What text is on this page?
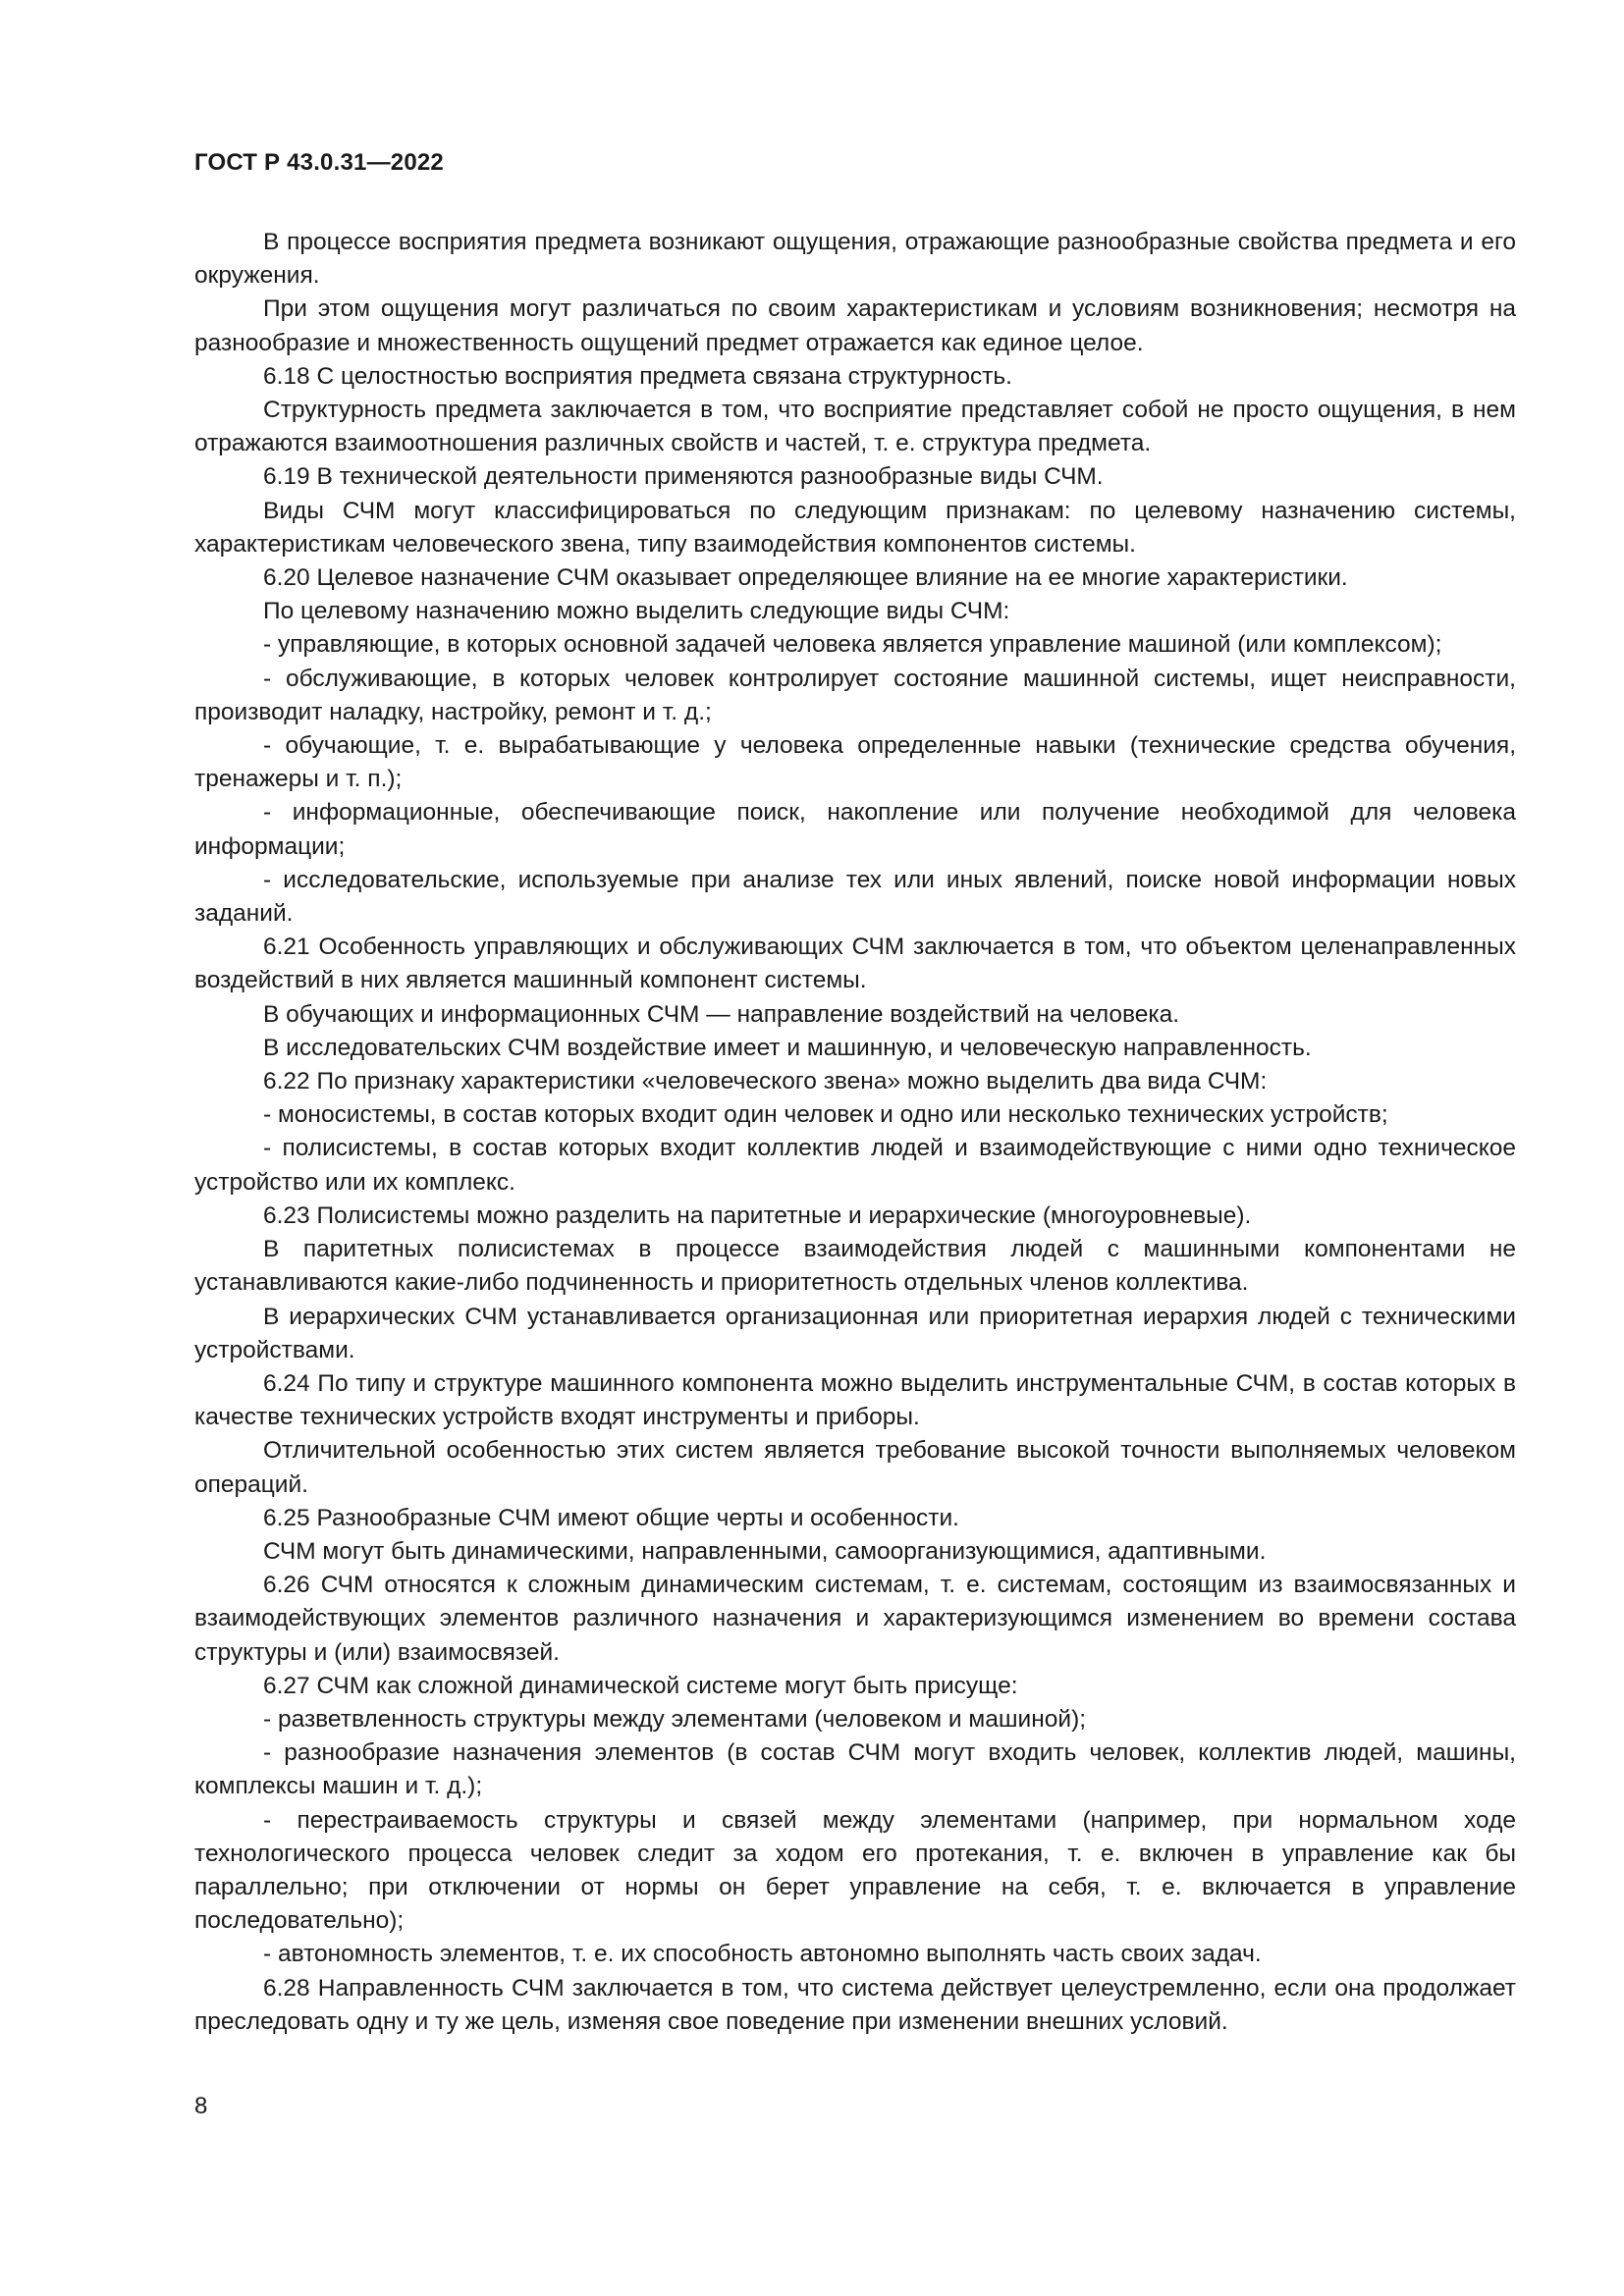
ГОСТ Р 43.0.31—2022

В процессе восприятия предмета возникают ощущения, отражающие разнообразные свойства предмета и его окружения.

При этом ощущения могут различаться по своим характеристикам и условиям возникновения; несмотря на разнообразие и множественность ощущений предмет отражается как единое целое.

6.18 С целостностью восприятия предмета связана структурность.

Структурность предмета заключается в том, что восприятие представляет собой не просто ощущения, в нем отражаются взаимоотношения различных свойств и частей, т. е. структура предмета.

6.19 В технической деятельности применяются разнообразные виды СЧМ.

Виды СЧМ могут классифицироваться по следующим признакам: по целевому назначению системы, характеристикам человеческого звена, типу взаимодействия компонентов системы.

6.20 Целевое назначение СЧМ оказывает определяющее влияние на ее многие характеристики.

По целевому назначению можно выделить следующие виды СЧМ:

- управляющие, в которых основной задачей человека является управление машиной (или комплексом);

- обслуживающие, в которых человек контролирует состояние машинной системы, ищет неисправности, производит наладку, настройку, ремонт и т. д.;

- обучающие, т. е. вырабатывающие у человека определенные навыки (технические средства обучения, тренажеры и т. п.);

- информационные, обеспечивающие поиск, накопление или получение необходимой для человека информации;

- исследовательские, используемые при анализе тех или иных явлений, поиске новой информации новых заданий.

6.21 Особенность управляющих и обслуживающих СЧМ заключается в том, что объектом целенаправленных воздействий в них является машинный компонент системы.

В обучающих и информационных СЧМ — направление воздействий на человека.

В исследовательских СЧМ воздействие имеет и машинную, и человеческую направленность.

6.22 По признаку характеристики «человеческого звена» можно выделить два вида СЧМ:

- моносистемы, в состав которых входит один человек и одно или несколько технических устройств;

- полисистемы, в состав которых входит коллектив людей и взаимодействующие с ними одно техническое устройство или их комплекс.

6.23 Полисистемы можно разделить на паритетные и иерархические (многоуровневые).

В паритетных полисистемах в процессе взаимодействия людей с машинными компонентами не устанавливаются какие-либо подчиненность и приоритетность отдельных членов коллектива.

В иерархических СЧМ устанавливается организационная или приоритетная иерархия людей с техническими устройствами.

6.24 По типу и структуре машинного компонента можно выделить инструментальные СЧМ, в состав которых в качестве технических устройств входят инструменты и приборы.

Отличительной особенностью этих систем является требование высокой точности выполняемых человеком операций.

6.25 Разнообразные СЧМ имеют общие черты и особенности.

СЧМ могут быть динамическими, направленными, самоорганизующимися, адаптивными.

6.26 СЧМ относятся к сложным динамическим системам, т. е. системам, состоящим из взаимосвязанных и взаимодействующих элементов различного назначения и характеризующимся изменением во времени состава структуры и (или) взаимосвязей.

6.27 СЧМ как сложной динамической системе могут быть присуще:

- разветвленность структуры между элементами (человеком и машиной);

- разнообразие назначения элементов (в состав СЧМ могут входить человек, коллектив людей, машины, комплексы машин и т. д.);

- перестраиваемость структуры и связей между элементами (например, при нормальном ходе технологического процесса человек следит за ходом его протекания, т. е. включен в управление как бы параллельно; при отключении от нормы он берет управление на себя, т. е. включается в управление последовательно);

- автономность элементов, т. е. их способность автономно выполнять часть своих задач.

6.28 Направленность СЧМ заключается в том, что система действует целеустремленно, если она продолжает преследовать одну и ту же цель, изменяя свое поведение при изменении внешних условий.

8
